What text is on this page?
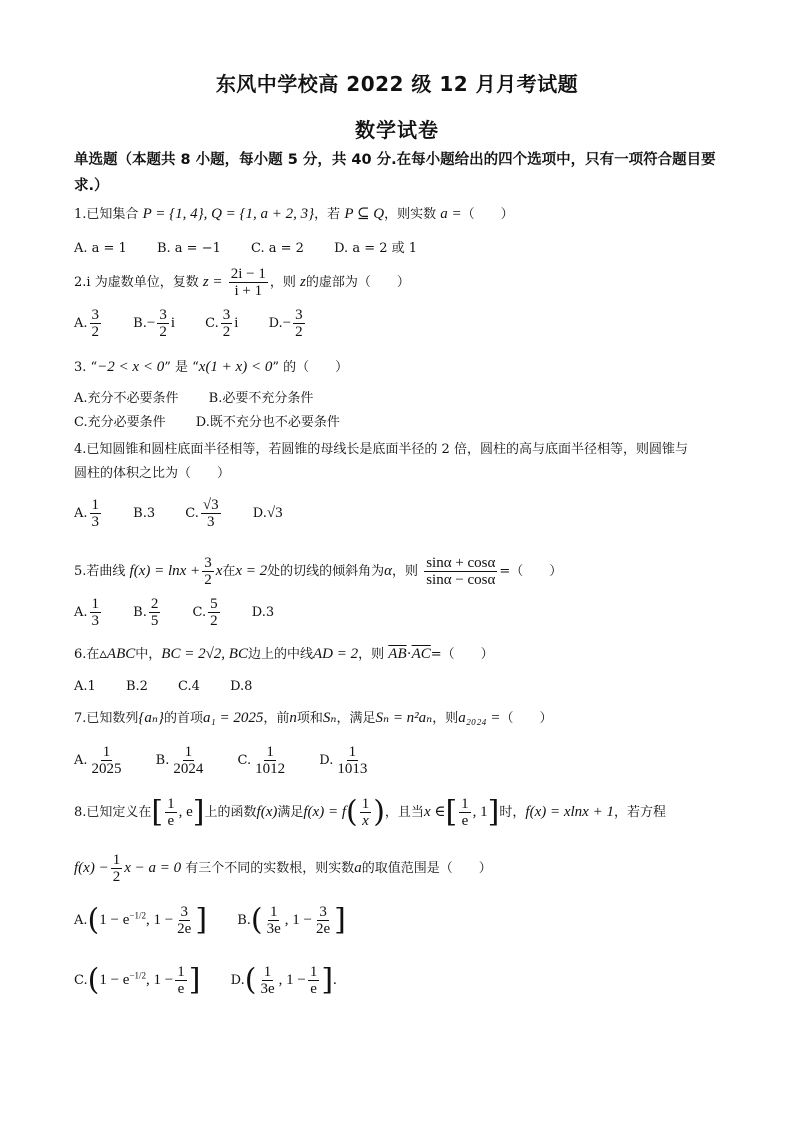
东风中学校高 2022 级 12 月月考试题
数学试卷
单选题（本题共 8 小题，每小题 5 分，共 40 分.在每小题给出的四个选项中，只有一项符合题目要求.）
1.已知集合 P = {1, 4}, Q = {1, a + 2, 3}，若 P ⊆ Q，则实数 a =（　　）
A. a = 1 B. a = −1 C. a = 2 D. a = 2 或 1
2.i 为虚数单位，复数 $z = \frac{2i - 1}{i + 1}$ ，则 z的虚部为（　　）
A. $\frac{3}{2} B.- \frac{3}{2}$ i C. $\frac{3}{2}$ i $D.- \frac{3}{2}$
3. “−2 < x < 0” 是 “x(1 + x) < 0” 的（　　）
A.充分不必要条件 B.必要不充分条件
C.充分必要条件 D.既不充分也不必要条件
4.已知圆锥和圆柱底面半径相等，若圆锥的母线长是底面半径的 2 倍，圆柱的高与底面半径相等，则圆锥与
圆柱的体积之比为（　　）
A. $\frac{1}{3} B.3$ C. $\frac{√3}{3} D.√3$
5.若曲线 $f(x) = \ln x + \frac{3}{2}$ x在x = 2处的切线的倾斜角为α，则 $\frac{\sin\alpha + \cos\alpha}{\sin\alpha - \cos\alpha}$ =（　　）
A. $\frac{1}{3} B$. $\frac{2}{5} C$. $\frac{5}{2} D.3$
6.在▵ABC中，BC = 2√2, BC边上的中线AD = 2，则 $\overline{AB}\cdot\overline{AC}=$（　　）
A.1 B.2 C.4 D.8
7.已知数列{aₙ}的首项a₁ = 2025，前n项和Sₙ，满足Sₙ = n²aₙ，则a₂₀₂₄ =（　　）
A. $\frac{1}{2025} B$. $\frac{1}{2024} C$. $\frac{1}{1012} D$. $\frac{1}{1013}$
8.已知定义在[ $\frac{1}{e}$ , e]上的函数f(x)满足$f(x) = f( \frac{1}{x}$ )，且当x ∈[ $\frac{1}{e}$ , 1]时，f(x) = xlnx + 1，若方程
$f(x) - \frac{1}{2}$ x − a = 0 有三个不同的实数根，则实数a的取值范围是（　　）
$A.(1 - e^{-1/2}$, $1 - \frac{3}{2e}$ ] $B.( \frac{1}{3e}$ , $1 - \frac{3}{2e}$ ]
$C.(1 - e^{-1/2}$, $1 - \frac{1}{e}$ ] $D.( \frac{1}{3e}$ , $1 - \frac{1}{e}$ ].
